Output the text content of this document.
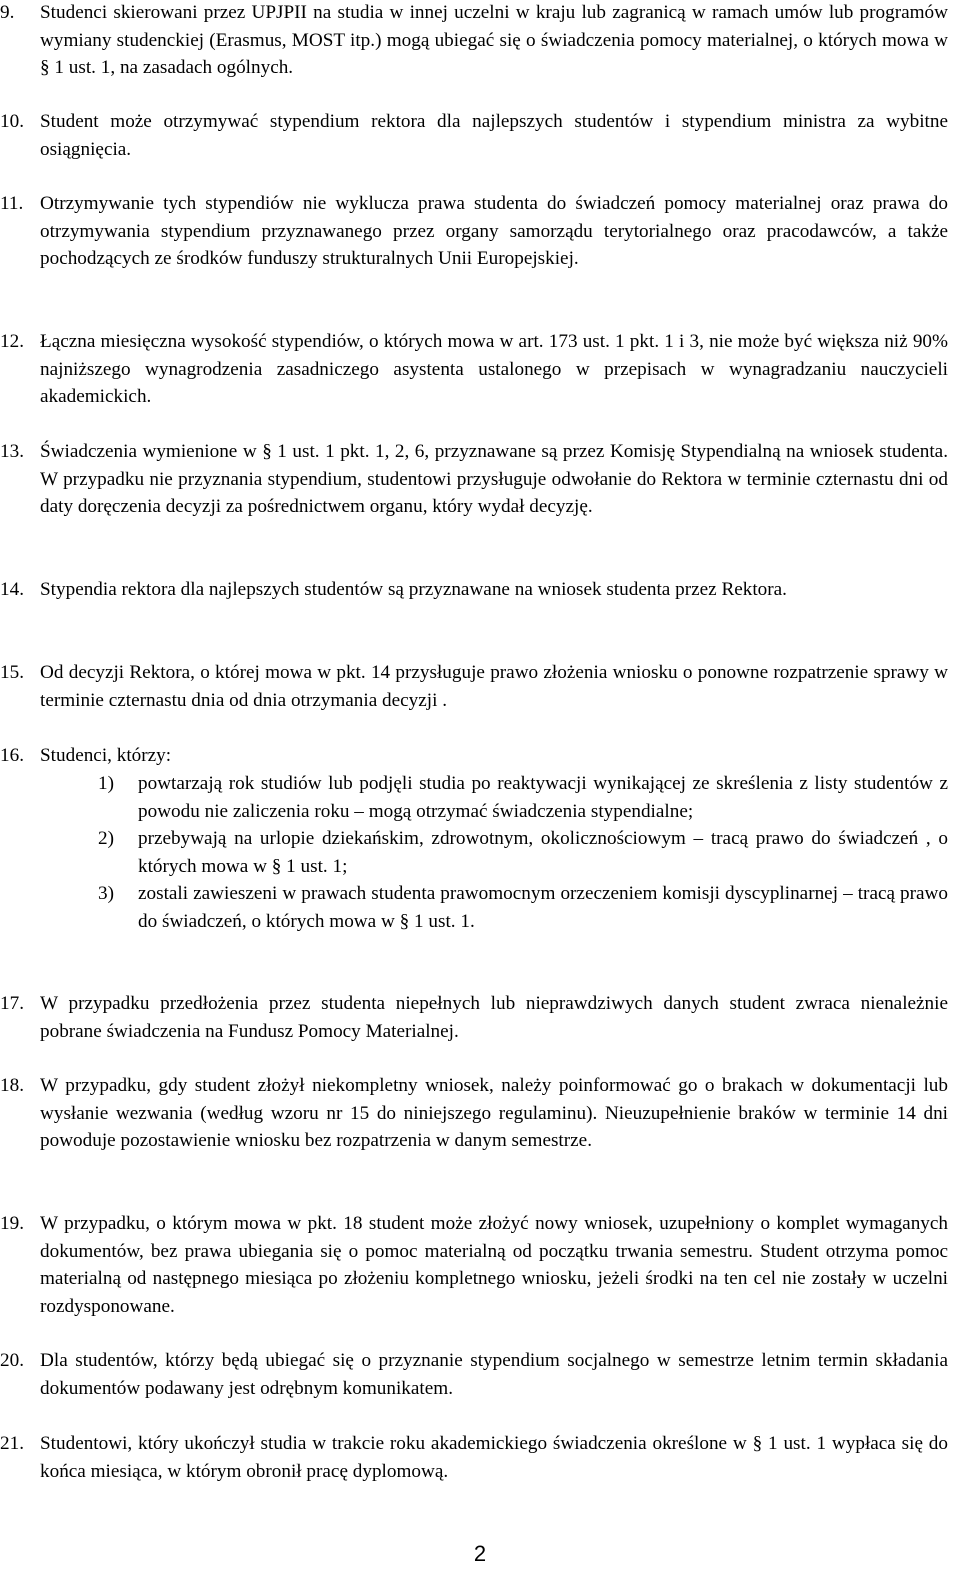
9. Studenci skierowani przez UPJPII na studia w innej uczelni w kraju lub zagranicą w ramach umów lub programów wymiany studenckiej (Erasmus, MOST itp.) mogą ubiegać się o świadczenia pomocy materialnej, o których mowa w § 1 ust. 1, na zasadach ogólnych.

10. Student może otrzymywać stypendium rektora dla najlepszych studentów i stypendium ministra za wybitne osiągnięcia.

11. Otrzymywanie tych stypendiów nie wyklucza prawa studenta do świadczeń pomocy materialnej oraz prawa do otrzymywania stypendium przyznawanego przez organy samorządu terytorialnego oraz pracodawców, a także pochodzących ze środków funduszy strukturalnych Unii Europejskiej.

12. Łączna miesięczna wysokość stypendiów, o których mowa w art. 173 ust. 1 pkt. 1 i 3, nie może być większa niż 90% najniższego wynagrodzenia zasadniczego asystenta ustalonego w przepisach w wynagradzaniu nauczycieli akademickich.

13. Świadczenia wymienione w § 1 ust. 1 pkt. 1, 2, 6, przyznawane są przez Komisję Stypendialną na wniosek studenta. W przypadku nie przyznania stypendium, studentowi przysługuje odwołanie do Rektora w terminie czternastu dni od daty doręczenia decyzji za pośrednictwem organu, który wydał decyzję.

14. Stypendia rektora dla najlepszych studentów są przyznawane na wniosek studenta przez Rektora.

15. Od decyzji Rektora, o której mowa w pkt. 14 przysługuje prawo złożenia wniosku o ponowne rozpatrzenie sprawy w terminie czternastu dnia od dnia otrzymania decyzji .

16. Studenci, którzy:

1) powtarzają rok studiów lub podjęli studia po reaktywacji wynikającej ze skreślenia z listy studentów z powodu nie zaliczenia roku – mogą otrzymać świadczenia stypendialne;
2) przebywają na urlopie dziekańskim, zdrowotnym, okolicznościowym – tracą prawo do świadczeń , o których mowa w § 1 ust. 1;
3) zostali zawieszeni w prawach studenta prawomocnym orzeczeniem komisji dyscyplinarnej – tracą prawo do świadczeń, o których mowa w § 1 ust. 1.

17. W przypadku przedłożenia przez studenta niepełnych lub nieprawdziwych danych student zwraca nienależnie pobrane świadczenia na Fundusz Pomocy Materialnej.

18. W przypadku, gdy student złożył niekompletny wniosek, należy poinformować go o brakach w dokumentacji lub wysłanie wezwania (według wzoru nr 15 do niniejszego regulaminu). Nieuzupełnienie braków w terminie 14 dni powoduje pozostawienie wniosku bez rozpatrzenia w danym semestrze.

19. W przypadku, o którym mowa w pkt. 18 student może złożyć nowy wniosek, uzupełniony o komplet wymaganych dokumentów, bez prawa ubiegania się o pomoc materialną od początku trwania semestru. Student otrzyma pomoc materialną od następnego miesiąca po złożeniu kompletnego wniosku, jeżeli środki na ten cel nie zostały w uczelni rozdysponowane.

20. Dla studentów, którzy będą ubiegać się o przyznanie stypendium socjalnego w semestrze letnim termin składania dokumentów podawany jest odrębnym komunikatem.

21. Studentowi, który ukończył studia w trakcie roku akademickiego świadczenia określone w § 1 ust. 1 wypłaca się do końca miesiąca, w którym obronił pracę dyplomową.

2
